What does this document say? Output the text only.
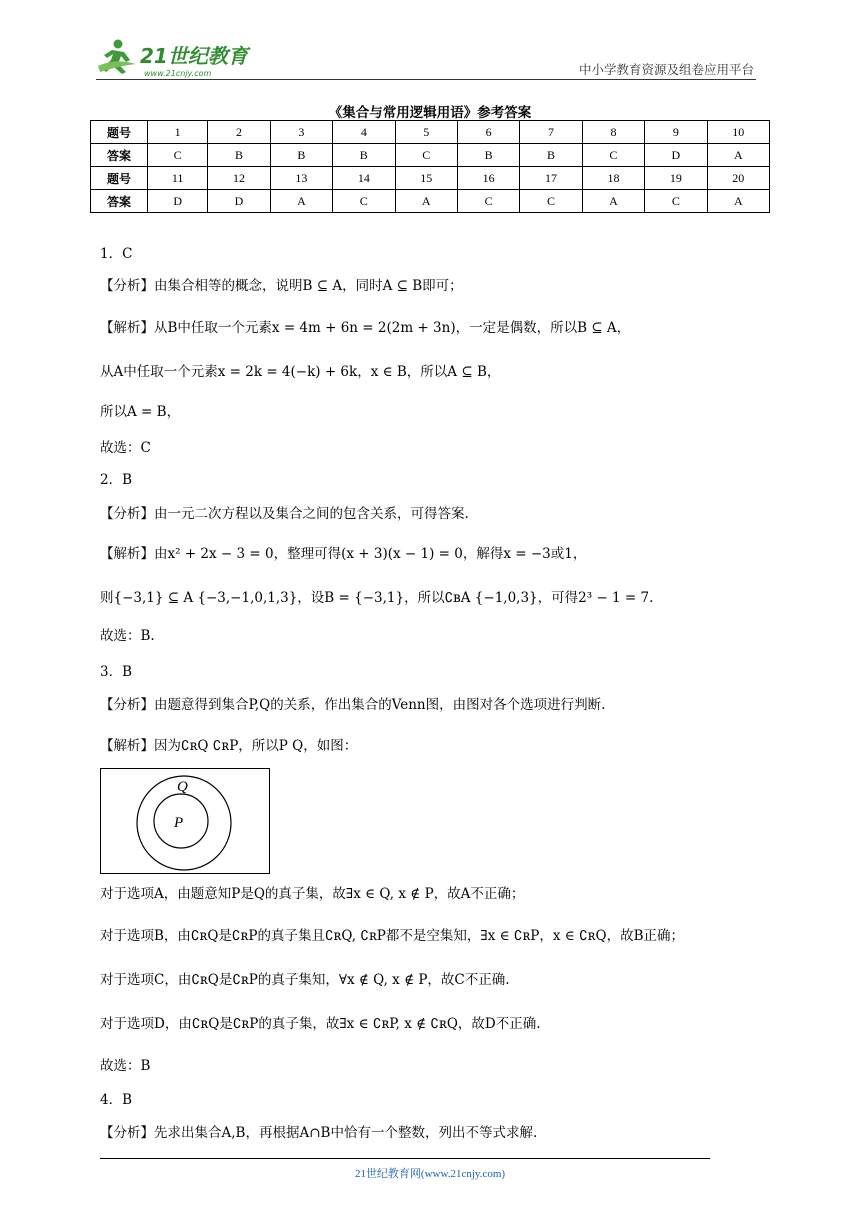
21世纪教育
www.21cnjy.com	中小学教育资源及组卷应用平台
《集合与常用逻辑用语》参考答案
题号	1	2	3	4	5	6	7	8	9	10
答案	C	B	B	B	C	B	B	C	D	A
题号	11	12	13	14	15	16	17	18	19	20
答案	D	D	A	C	A	C	C	A	C	A
1．C
【分析】由集合相等的概念，说明B ⊆ A，同时A ⊆ B即可；
【解析】从B中任取一个元素x = 4m + 6n = 2(2m + 3n)，一定是偶数，所以B ⊆ A，
从A中任取一个元素x = 2k = 4(−k) + 6k，x ∈ B，所以A ⊆ B，
所以A = B，
故选：C
2．B
【分析】由一元二次方程以及集合之间的包含关系，可得答案.
【解析】由x² + 2x − 3 = 0，整理可得(x + 3)(x − 1) = 0，解得x = −3或1，
则{−3,1} ⊆ A {−3,−1,0,1,3}，设B = {−3,1}，所以∁ʙA {−1,0,3}，可得2³ − 1 = 7.
故选：B.
3．B
【分析】由题意得到集合P,Q的关系，作出集合的Venn图，由图对各个选项进行判断.
【解析】因为∁ʀQ ∁ʀP，所以P Q，如图：
Q
P
对于选项A，由题意知P是Q的真子集，故∃x ∈ Q, x ∉ P，故A不正确；
对于选项B，由∁ʀQ是∁ʀP的真子集且∁ʀQ, ∁ʀP都不是空集知，∃x ∈ ∁ʀP，x ∈ ∁ʀQ，故B正确；
对于选项C，由∁ʀQ是∁ʀP的真子集知，∀x ∉ Q, x ∉ P，故C不正确.
对于选项D，由∁ʀQ是∁ʀP的真子集，故∃x ∈ ∁ʀP, x ∉ ∁ʀQ，故D不正确.
故选：B
4．B
【分析】先求出集合A,B，再根据A∩B中恰有一个整数，列出不等式求解.
21世纪教育网(www.21cnjy.com)
